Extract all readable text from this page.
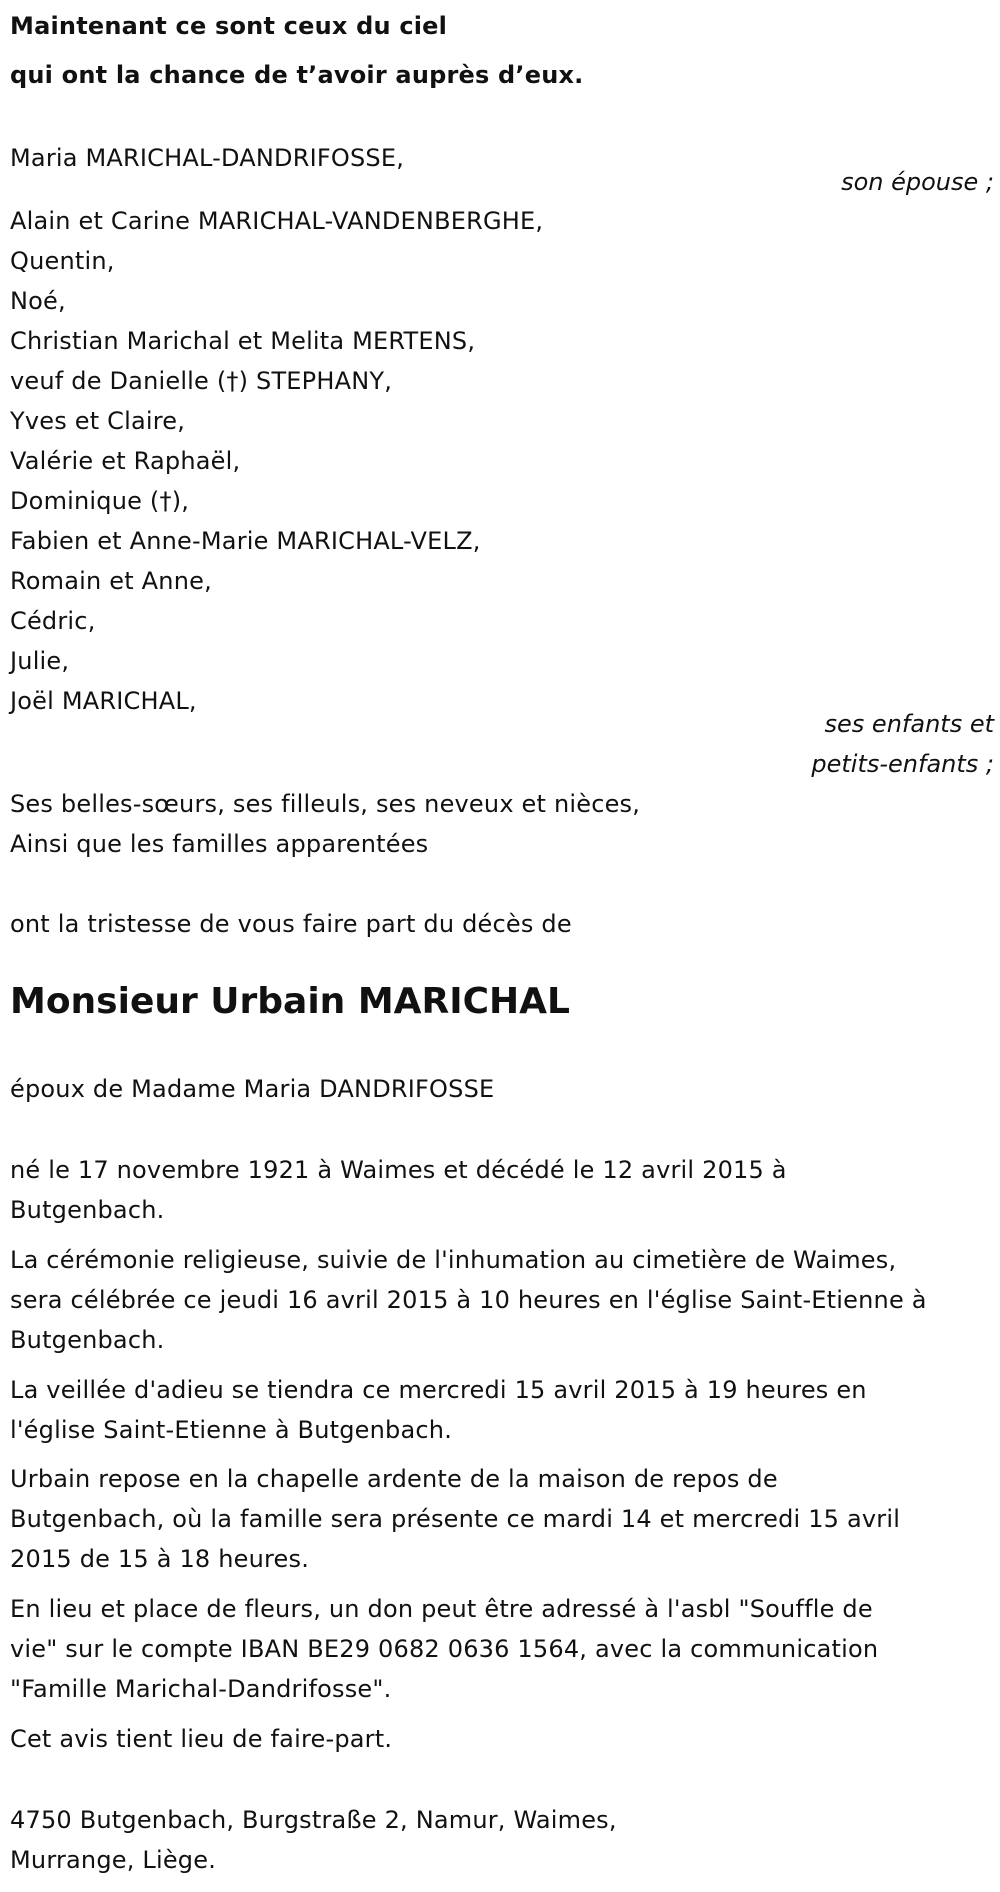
Maintenant ce sont ceux du ciel

qui ont la chance de t’avoir auprès d’eux.

Maria MARICHAL-DANDRIFOSSE,

son épouse ;

Alain et Carine MARICHAL-VANDENBERGHE,

Quentin,

Noé,

Christian Marichal et Melita MERTENS,

veuf de Danielle (†) STEPHANY,

Yves et Claire,

Valérie et Raphaël,

Dominique (†),

Fabien et Anne-Marie MARICHAL-VELZ,

Romain et Anne,

Cédric,

Julie,

Joël MARICHAL,

ses enfants et

petits-enfants ;

Ses belles-sœurs, ses filleuls, ses neveux et nièces,

Ainsi que les familles apparentées

ont la tristesse de vous faire part du décès de

Monsieur Urbain MARICHAL

époux de Madame Maria DANDRIFOSSE

né le 17 novembre 1921 à Waimes et décédé le 12 avril 2015 à

Butgenbach.

La cérémonie religieuse, suivie de l'inhumation au cimetière de Waimes,

sera célébrée ce jeudi 16 avril 2015 à 10 heures en l'église Saint-Etienne à

Butgenbach.

La veillée d'adieu se tiendra ce mercredi 15 avril 2015 à 19 heures en

l'église Saint-Etienne à Butgenbach.

Urbain repose en la chapelle ardente de la maison de repos de

Butgenbach, où la famille sera présente ce mardi 14 et mercredi 15 avril

2015 de 15 à 18 heures.

En lieu et place de fleurs, un don peut être adressé à l'asbl "Souffle de

vie" sur le compte IBAN BE29 0682 0636 1564, avec la communication

"Famille Marichal-Dandrifosse".

Cet avis tient lieu de faire-part.

4750 Butgenbach, Burgstraße 2, Namur, Waimes,

Murrange, Liège.
